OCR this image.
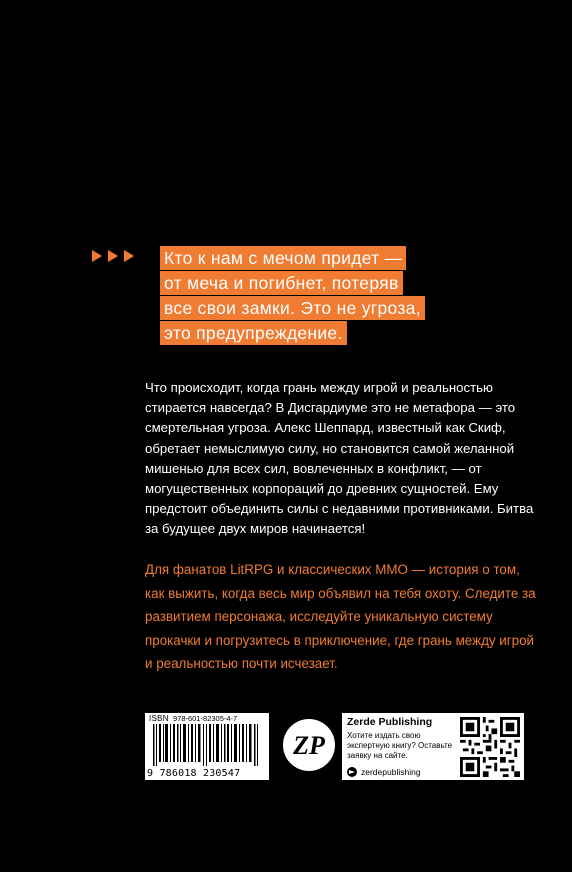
Кто к нам с мечом придет —
от меча и погибнет, потеряв
все свои замки. Это не угроза,
это предупреждение.
Что происходит, когда грань между игрой и реальностью стирается навсегда? В Дисгардиуме это не метафора — это смертельная угроза. Алекс Шеппард, известный как Скиф, обретает немыслимую силу, но становится самой желанной мишенью для всех сил, вовлеченных в конфликт, — от могущественных корпораций до древних сущностей. Ему предстоит объединить силы с недавними противниками. Битва за будущее двух миров начинается!
Для фанатов LitRPG и классических ММО — история о том, как выжить, когда весь мир объявил на тебя охоту. Следите за развитием персонажа, исследуйте уникальную систему прокачки и погрузитесь в приключение, где грань между игрой и реальностью почти исчезает.
ISBN 978-601-82305-4-7
9 786018 230547
ZP
Zerde Publishing
Хотите издать свою экспертную книгу? Оставьте заявку на сайте.
zerdepublishing
